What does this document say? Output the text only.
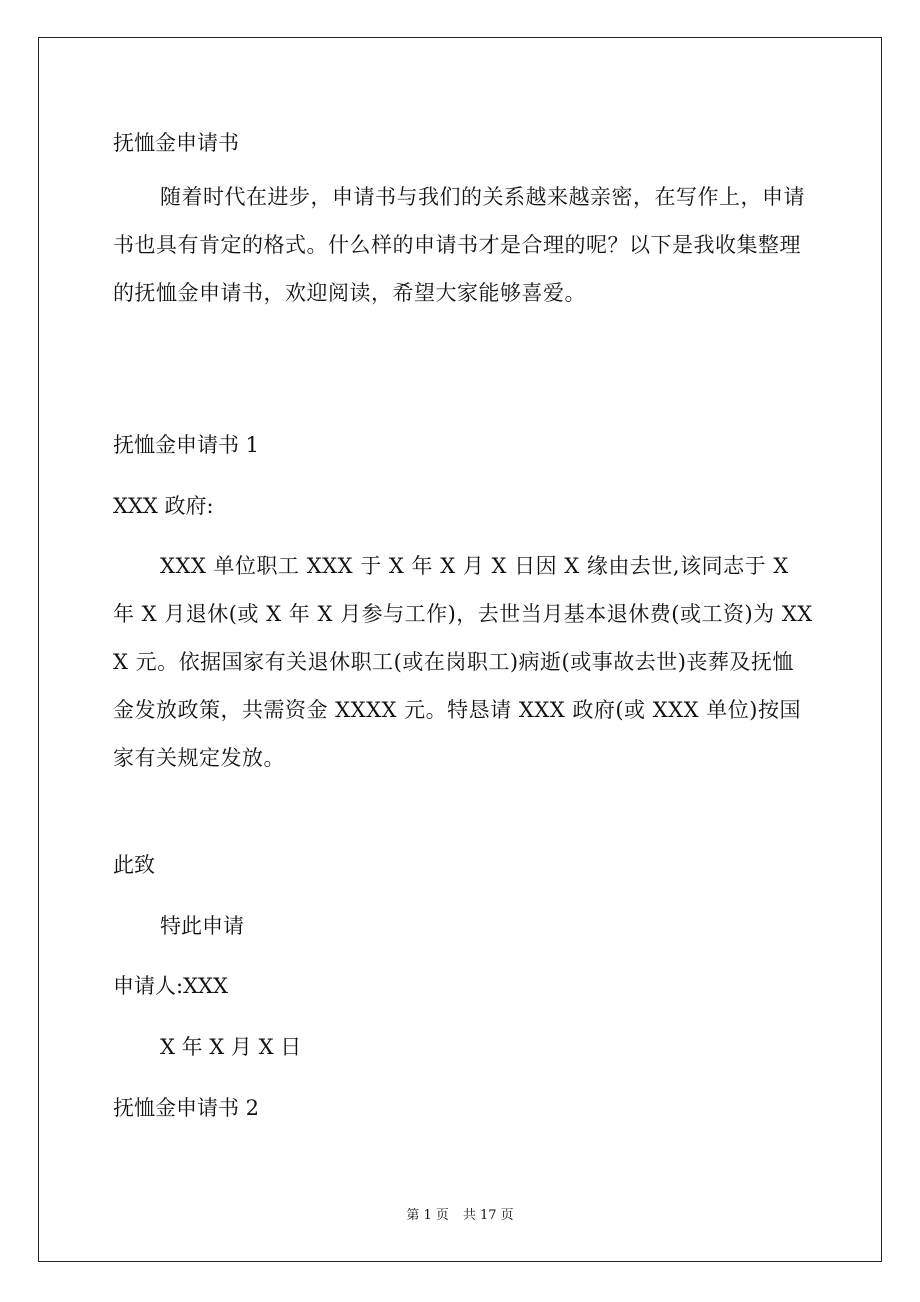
抚恤金申请书

随着时代在进步，申请书与我们的关系越来越亲密，在写作上，申请书也具有肯定的格式。什么样的申请书才是合理的呢？以下是我收集整理的抚恤金申请书，欢迎阅读，希望大家能够喜爱。

抚恤金申请书 1
XXX 政府:

XXX 单位职工 XXX 于 X 年 X 月 X 日因 X 缘由去世,该同志于 X 年 X 月退休(或 X 年 X 月参与工作)，去世当月基本退休费(或工资)为 XXX 元。依据国家有关退休职工(或在岗职工)病逝(或事故去世)丧葬及抚恤金发放政策，共需资金 XXXX 元。特恳请 XXX 政府(或 XXX 单位)按国家有关规定发放。

此致
特此申请
申请人:XXX
X 年 X 月 X 日
抚恤金申请书 2
第 1 页 共 17 页
